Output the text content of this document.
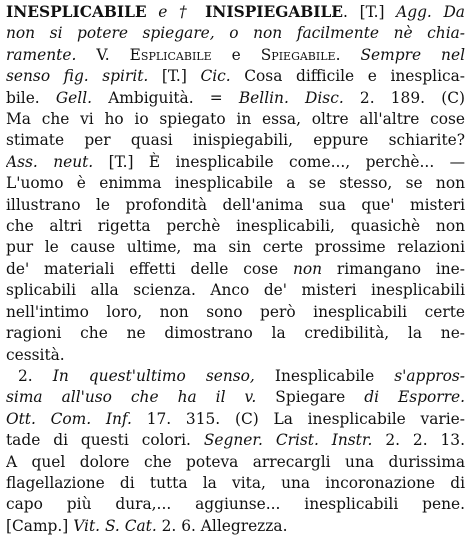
INESPLICABILE e † INISPIEGABILE. [T.] Agg. Da
non si potere spiegare, o non facilmente nè chia-
ramente. V. Esplicabile e Spiegabile. Sempre nel
senso fig. spirit. [T.] Cic. Cosa difficile e inesplica-
bile. Gell. Ambiguità. = Bellin. Disc. 2. 189. (C)
Ma che vi ho io spiegato in essa, oltre all'altre cose
stimate per quasi inispiegabili, eppure schiarite?
Ass. neut. [T.] È inesplicabile come..., perchè... —
L'uomo è enimma inesplicabile a se stesso, se non
illustrano le profondità dell'anima sua que' misteri
che altri rigetta perchè inesplicabili, quasichè non
pur le cause ultime, ma sin certe prossime relazioni
de' materiali effetti delle cose non rimangano ine-
splicabili alla scienza. Anco de' misteri inesplicabili
nell'intimo loro, non sono però inesplicabili certe
ragioni che ne dimostrano la credibilità, la ne-
cessità.
2. In quest'ultimo senso, Inesplicabile s'appros-
sima all'uso che ha il v. Spiegare di Esporre.
Ott. Com. Inf. 17. 315. (C) La inesplicabile varie-
tade di questi colori. Segner. Crist. Instr. 2. 2. 13.
A quel dolore che poteva arrecargli una durissima
flagellazione di tutta la vita, una incoronazione di
capo più dura,... aggiunse... inesplicabili pene.
[Camp.] Vit. S. Cat. 2. 6. Allegrezza.
